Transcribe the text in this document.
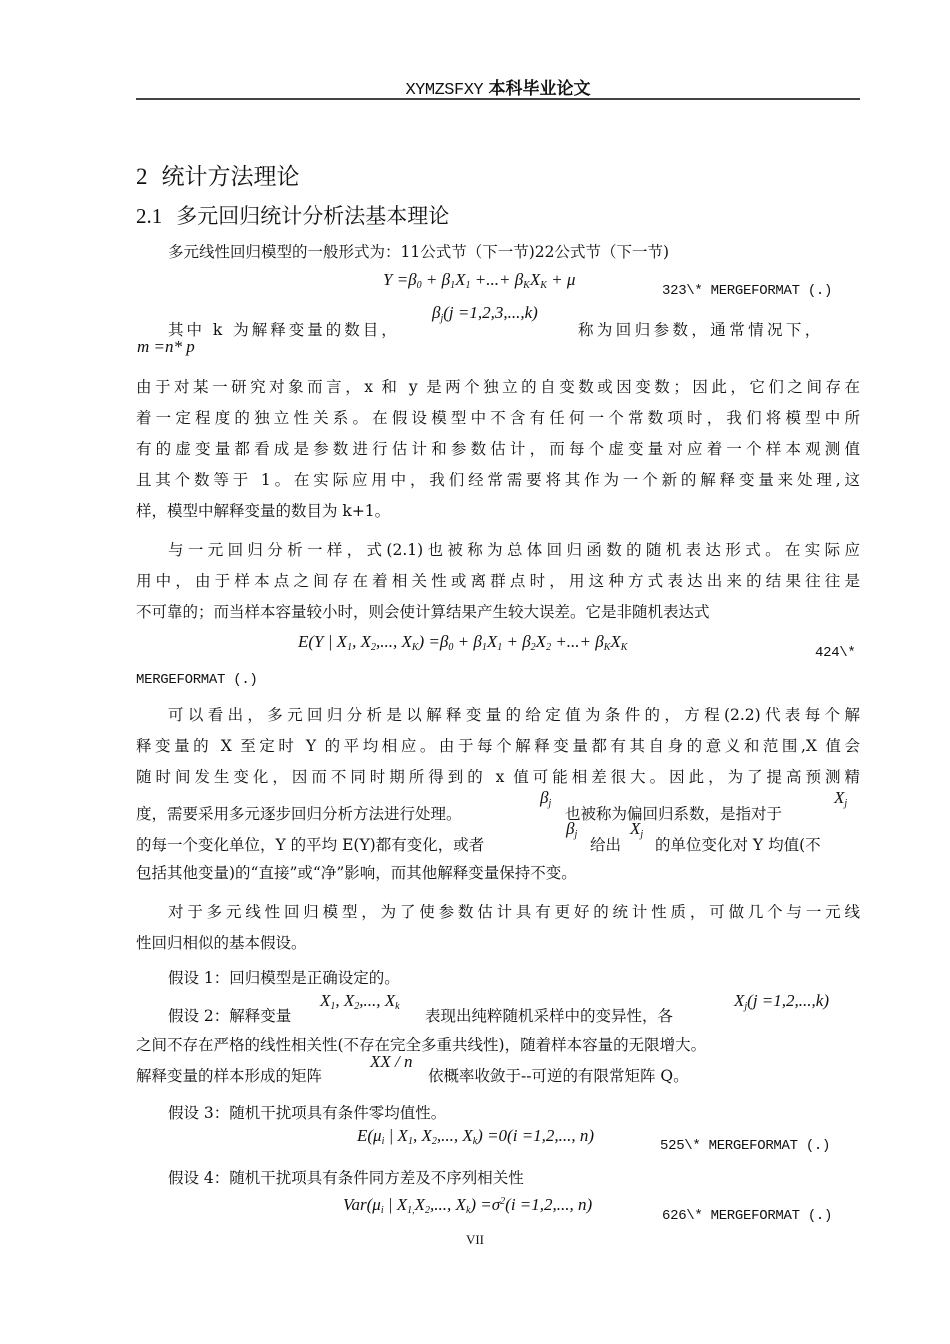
XYMZSFXY 本科毕业论文
2 统计方法理论
2.1 多元回归统计分析法基本理论
多元线性回归模型的一般形式为：11公式节（下一节)22公式节（下一节)
$Y =\beta_0 + \beta_1X_1$ +...+ $\beta_KX_K + \mu$
323\* MERGEFORMAT (.)
其中 k 为解释变量的数目，
$\beta_j(j =1,2,3,...,k)$
称为回归参数，通常情况下，
m =n* p
由于对某一研究对象而言，x 和 y 是两个独立的自变数或因变数；因此，它们之间存在
着一定程度的独立性关系。在假设模型中不含有任何一个常数项时，我们将模型中所
有的虚变量都看成是参数进行估计和参数估计，而每个虚变量对应着一个样本观测值
且其个数等于 1。在实际应用中，我们经常需要将其作为一个新的解释变量来处理,这
样，模型中解释变量的数目为 k+1。
与一元回归分析一样，式(2.1)也被称为总体回归函数的随机表达形式。在实际应
用中，由于样本点之间存在着相关性或离群点时，用这种方式表达出来的结果往往是
不可靠的；而当样本容量较小时，则会使计算结果产生较大误差。它是非随机表达式
E(Y | $X_1$, $X_2$,..., $X_K) =\beta_0 + \beta_1X_1 + \beta_2X_2$ +...+ $\beta_KX_K$	424\*
MERGEFORMAT (.)
可以看出，多元回归分析是以解释变量的给定值为条件的，方程(2.2)代表每个解
释变量的 X 至定时 Y 的平均相应。由于每个解释变量都有其自身的意义和范围,X 值会
随时间发生变化，因而不同时期所得到的 x 值可能相差很大。因此，为了提高预测精
度，需要采用多元逐步回归分析方法进行处理。
$\beta_j$
也被称为偏回归系数，是指对于
$X_j$
的每一个变化单位，Y 的平均 E(Y)都有变化，或者
$\beta_j$
给出
$X_j$
的单位变化对 Y 均值(不
包括其他变量)的“直接”或“净”影响，而其他解释变量保持不变。
对于多元线性回归模型，为了使参数估计具有更好的统计性质，可做几个与一元线
性回归相似的基本假设。
假设 1：回归模型是正确设定的。
假设 2：解释变量
$X_1$, $X_2$,..., $X_k$
表现出纯粹随机采样中的变异性，各
$X_j(j =1,2,...,k)$
之间不存在严格的线性相关性(不存在完全多重共线性)，随着样本容量的无限增大。
解释变量的样本形成的矩阵
XX / n
依概率收敛于--可逆的有限常矩阵 Q。
假设 3：随机干扰项具有条件零均值性。
$E(\mu_i$ | $X_1$, $X_2$,..., $X_k) =0(i =1,2$,..., n)
525\* MERGEFORMAT (.)
假设 4：随机干扰项具有条件同方差及不序列相关性
$Var(\mu_i$ | $X_{1,}X_2$,..., $X_k) =\sigma^2(i =1,2$,..., n)
626\* MERGEFORMAT (.)
VII
